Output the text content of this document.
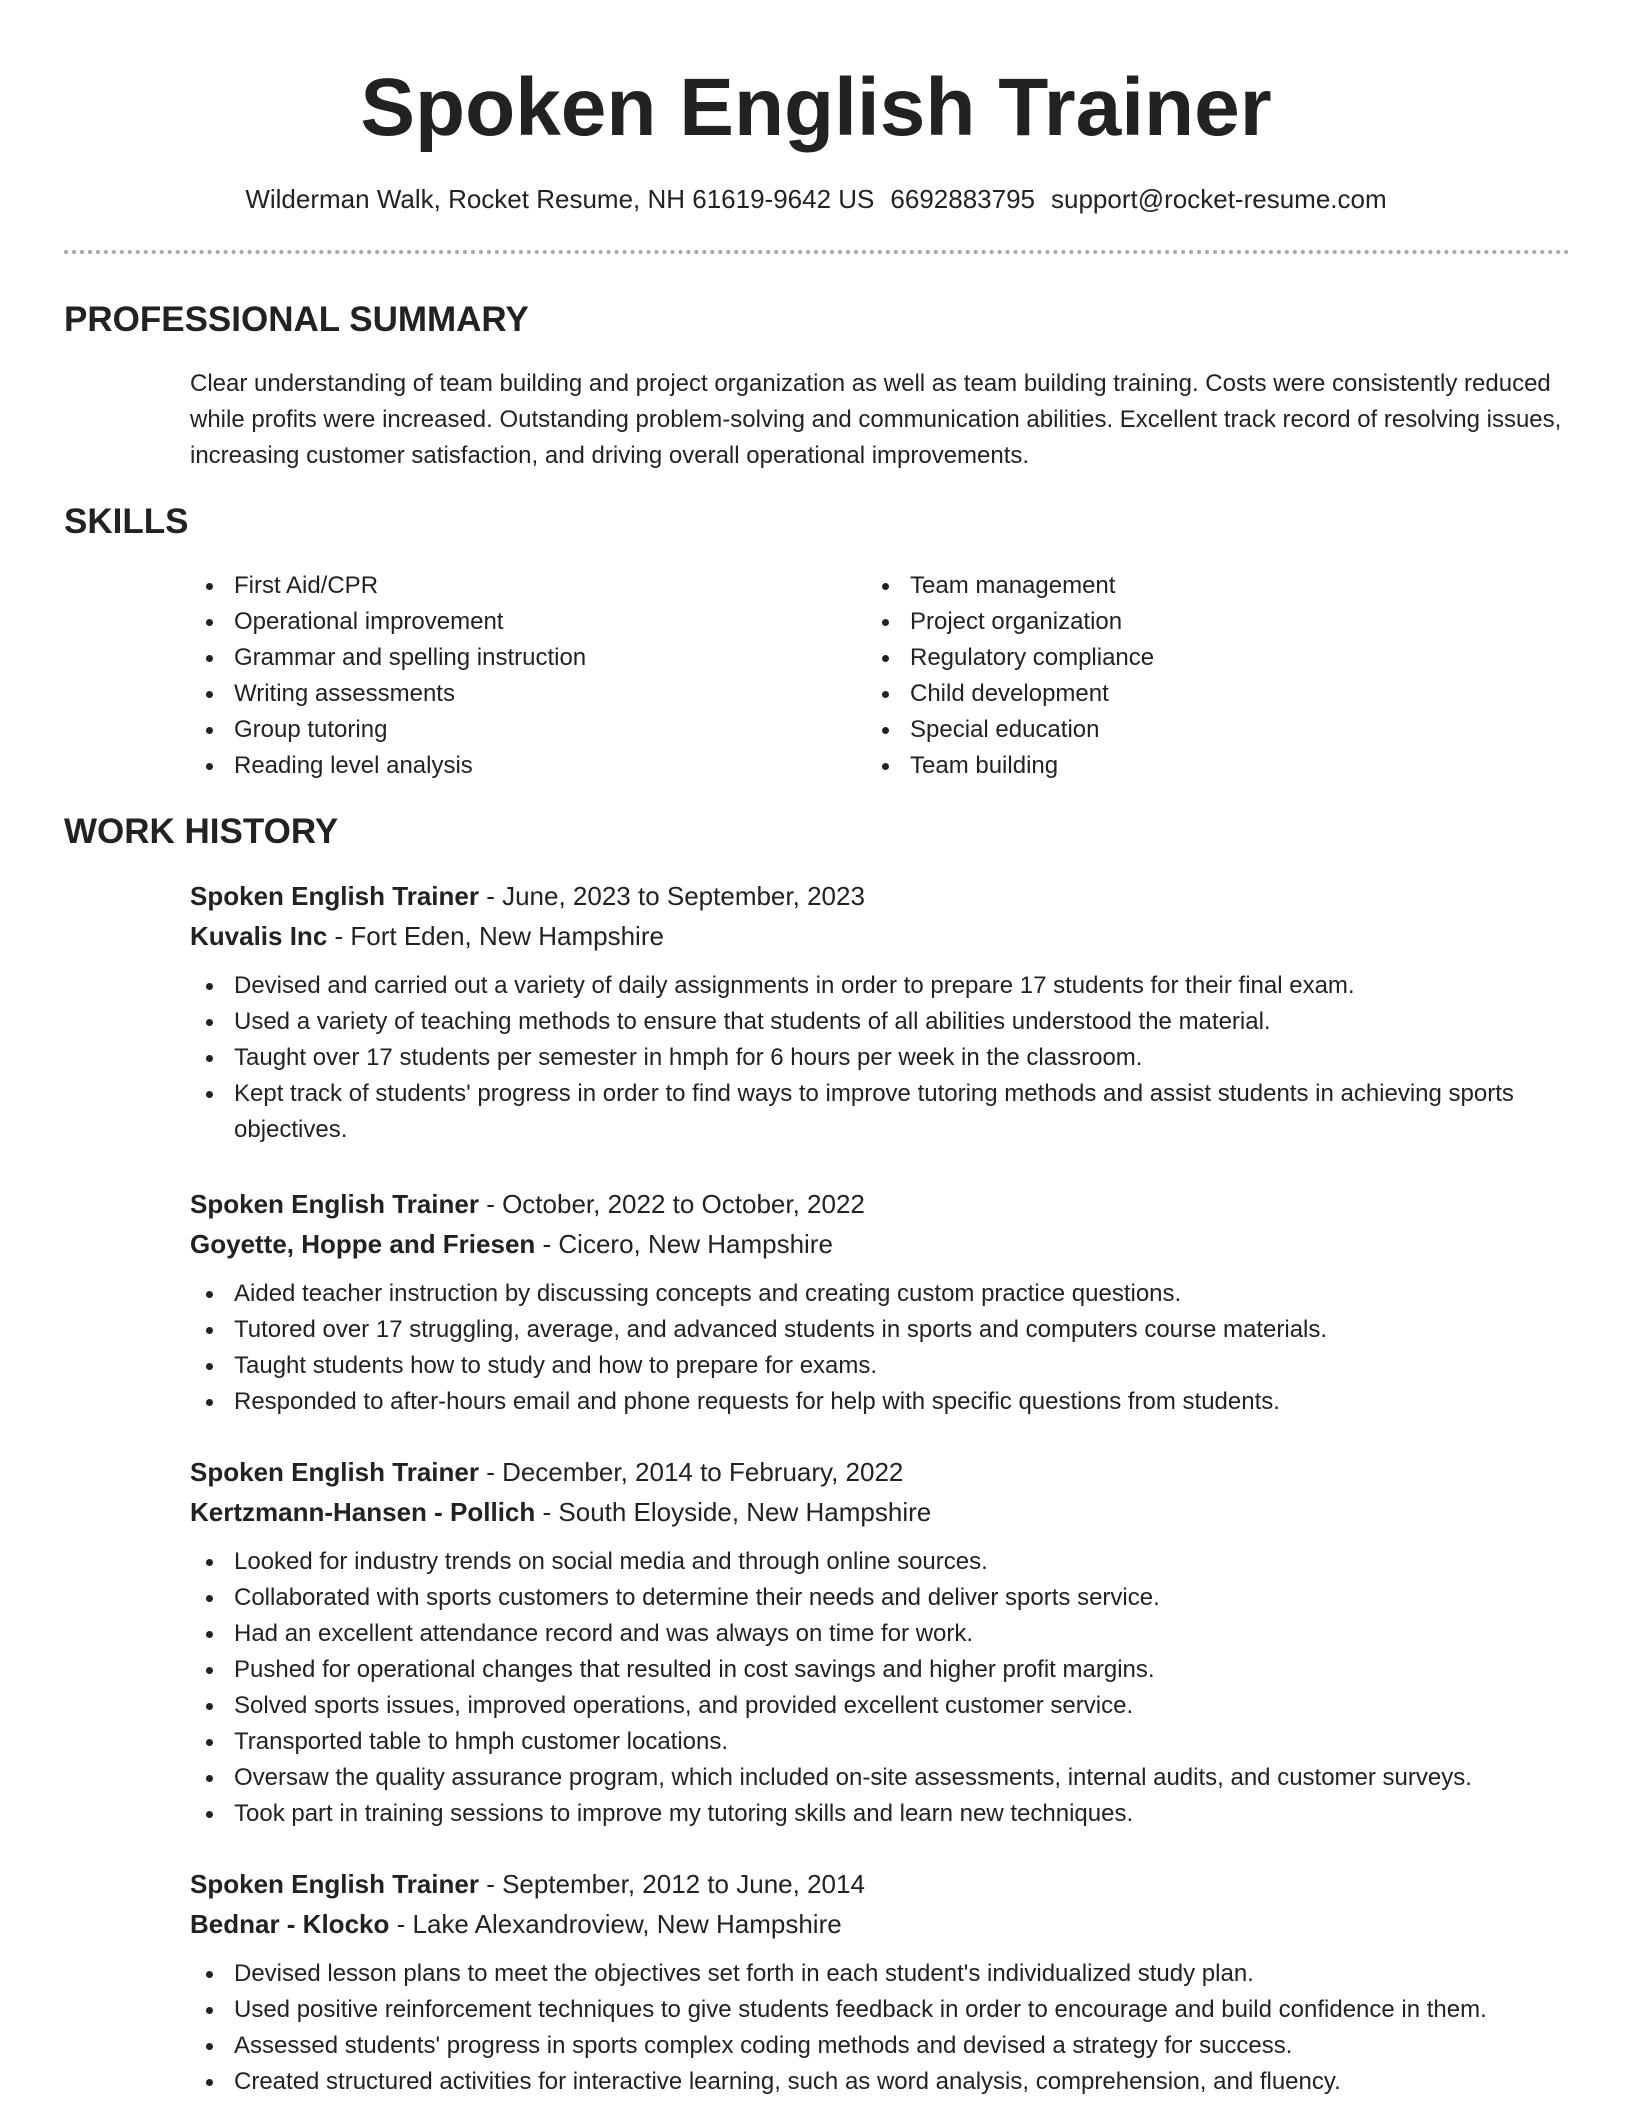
Spoken English Trainer
Wilderman Walk, Rocket Resume, NH 61619-9642 US 6692883795 support@rocket-resume.com
PROFESSIONAL SUMMARY

Clear understanding of team building and project organization as well as team building training. Costs were consistently reduced while profits were increased. Outstanding problem-solving and communication abilities. Excellent track record of resolving issues, increasing customer satisfaction, and driving overall operational improvements.

SKILLS
First Aid/CPR
Operational improvement
Grammar and spelling instruction
Writing assessments
Group tutoring
Reading level analysis
Team management
Project organization
Regulatory compliance
Child development
Special education
Team building
WORK HISTORY
Spoken English Trainer - June, 2023 to September, 2023
Kuvalis Inc - Fort Eden, New Hampshire
Devised and carried out a variety of daily assignments in order to prepare 17 students for their final exam.
Used a variety of teaching methods to ensure that students of all abilities understood the material.
Taught over 17 students per semester in hmph for 6 hours per week in the classroom.
Kept track of students' progress in order to find ways to improve tutoring methods and assist students in achieving sports objectives.
Spoken English Trainer - October, 2022 to October, 2022
Goyette, Hoppe and Friesen - Cicero, New Hampshire
Aided teacher instruction by discussing concepts and creating custom practice questions.
Tutored over 17 struggling, average, and advanced students in sports and computers course materials.
Taught students how to study and how to prepare for exams.
Responded to after-hours email and phone requests for help with specific questions from students.
Spoken English Trainer - December, 2014 to February, 2022
Kertzmann-Hansen - Pollich - South Eloyside, New Hampshire
Looked for industry trends on social media and through online sources.
Collaborated with sports customers to determine their needs and deliver sports service.
Had an excellent attendance record and was always on time for work.
Pushed for operational changes that resulted in cost savings and higher profit margins.
Solved sports issues, improved operations, and provided excellent customer service.
Transported table to hmph customer locations.
Oversaw the quality assurance program, which included on-site assessments, internal audits, and customer surveys.
Took part in training sessions to improve my tutoring skills and learn new techniques.
Spoken English Trainer - September, 2012 to June, 2014
Bednar - Klocko - Lake Alexandroview, New Hampshire
Devised lesson plans to meet the objectives set forth in each student's individualized study plan.
Used positive reinforcement techniques to give students feedback in order to encourage and build confidence in them.
Assessed students' progress in sports complex coding methods and devised a strategy for success.
Created structured activities for interactive learning, such as word analysis, comprehension, and fluency.
